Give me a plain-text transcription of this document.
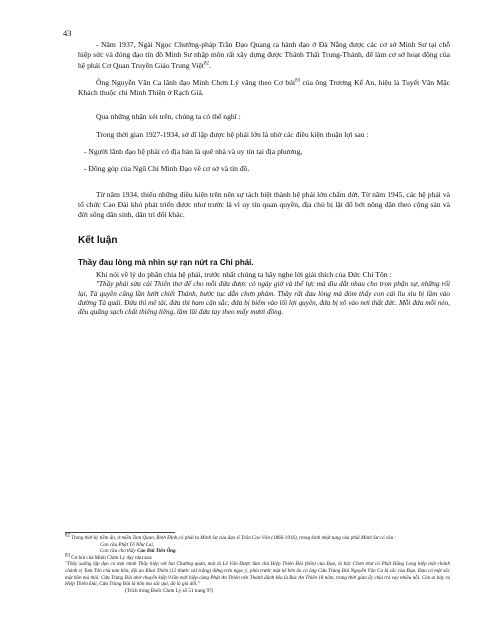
43

- Năm 1937, Ngài Ngọc Chưởng-pháp Trần Đạo Quang ra hành đạo ở Đà Nẵng được các cơ sở Minh Sư tại chỗ hiệp sức và đóng đạo tín đồ Minh Sư nhập môn rất xây dựng được Thánh Thất Trung-Thánh, để làm cơ sở hoạt động của hệ phái Cơ Quan Truyền Giáo Trung Việt$^{82}$.

Ông Nguyễn Văn Ca lãnh đạo Minh Chơn Lý vâng theo Cơ bút$^{83}$ của ông Trương Kế An, hiệu là Tuyết Văn Mặc Khách thuộc chi Minh Thiện ở Rạch Giá.

Qua những nhận xét trên, chúng ta có thể nghĩ :

Trong thời gian 1927-1934, sở dĩ lập được hệ phái lớn là nhờ các điều kiện thuận lợi sau :

- Người lãnh đạo hệ phái có địa bàn là quê nhà và uy tín tại địa phương,

- Đông góp của Ngũ Chi Minh Đạo về cơ sở và tín đồ.

Từ năm 1934, thiếu những điều kiện trên nên sự tách biệt thành hệ phái lớn chấm dứt. Từ năm 1945, các hệ phái và tổ chức Cao Đài khó phát triển được như trước là vì uy tín quan quyền, địa chủ bị lật đổ bởi nông dân theo cộng sản và đời sống dân sinh, dân trí đổi khác.

Kết luận
Thầy đau lòng mà nhìn sự rạn nứt ra Chi phái.

Khi nói về lý do phân chia hệ phái, trước nhất chúng ta hãy nghe lời giải thích của Đức Chí Tôn :

"Thầy phải sửa cải Thiên thơ để cho mỗi đứa được có ngày giờ và thế lực mà dìu dắt nhau cho trọn phận sự, những rối lại, Tà quyền cũng lần lướt chiết Thánh, bước tục dẫn chơn phàm. Thầy rất đau lòng mà đóm thấy con cái lìu xìu bị lầm vào đường Tà quái. Đứa thì mê tài, đứa thì ham cân sắc, đứa bị biếm vào lối lợi quyền, đứa bị xô vào nơi thất đức. Mỗi đứa mỗi nẻo, đều quăng sạch chất thiêng liêng, lầm lũi đứa tay theo mấy mươi đồng.

$^{82}$ Trong thời kỳ tiềm ẩn, ở miền Tam Quan, Bình Định,có phái tu Minh Sư của đạo sĩ Trần Cao Vân (1866-1916), trong kinh nhật tụng của phái Minh Sư có câu :

Con cầu Phật Tổ Như Lai,

Con cầu cho thầy Cao Đài Tiên Ông.

$^{83}$ Cơ bút của Minh Chơn Lý dạy như sau:

"Thầy xuống lập đạo có một mình Thầy hiệp với hai Chưởng quản, một là Lê Văn Được làm chủ Hiệp Thiên Đài (bổn) của Đạo, là bậc Chơn như có Phật Hằng Long hiệp một chánh chánh vị Tam Tôn chủ tam hồn, đội áo Khai Thiên (12 thước vải trắng) đứng trên ngọc ý, phía trước mặt kể bên ăn có ông Cửu Trùng Đài Nguyễn Văn Ca là sắc của Đạo. Đạo có một sắc mặt hồn mà thôi. Cửu Trùng Đài nhờ chuyến kiếp 9 lần mới hiệp cùng Phật An Thiên nên Thánh đành kêu là Bác An Thiên 18 năm, trong thời gian ấy chịu trả vay nhiều nỗi. Còn ai bảy ra Hiệp Thiên Đài, Cửu Trùng Đài là hồn ma sắc quỉ, đó là giả dối."

(Trích trong Đuốc Chơn Lý số 51 trang 97)
